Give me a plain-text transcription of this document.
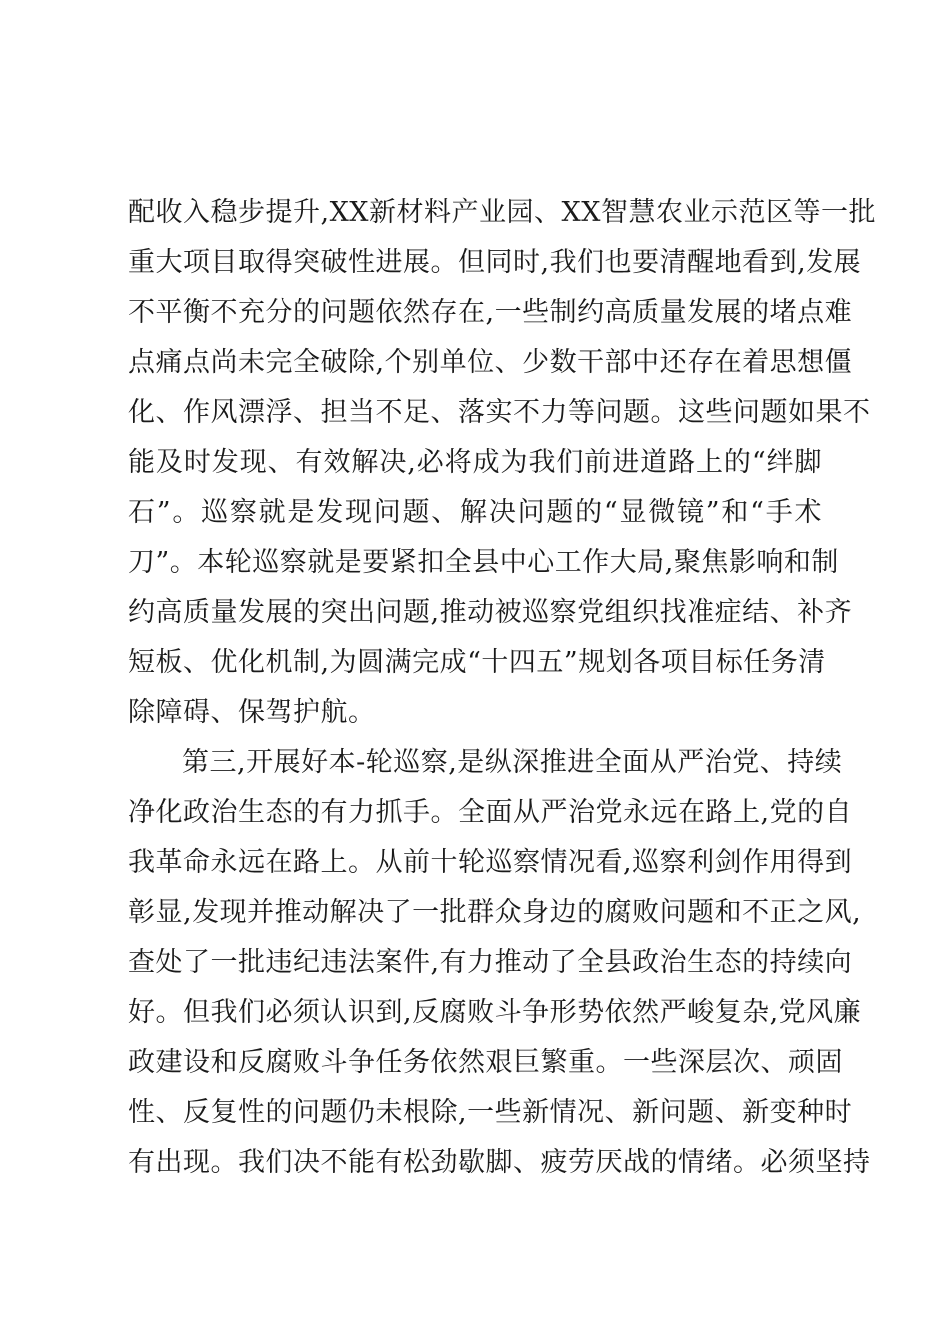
配收入稳步提升,XX新材料产业园、XX智慧农业示范区等一批
重大项目取得突破性进展。但同时,我们也要清醒地看到,发展
不平衡不充分的问题依然存在,一些制约高质量发展的堵点难
点痛点尚未完全破除,个别单位、少数干部中还存在着思想僵
化、作风漂浮、担当不足、落实不力等问题。这些问题如果不
能及时发现、有效解决,必将成为我们前进道路上的“绊脚
石”。巡察就是发现问题、解决问题的“显微镜”和“手术
刀”。本轮巡察就是要紧扣全县中心工作大局,聚焦影响和制
约高质量发展的突出问题,推动被巡察党组织找准症结、补齐
短板、优化机制,为圆满完成“十四五”规划各项目标任务清
除障碍、保驾护航。
第三,开展好本-轮巡察,是纵深推进全面从严治党、持续
净化政治生态的有力抓手。全面从严治党永远在路上,党的自
我革命永远在路上。从前十轮巡察情况看,巡察利剑作用得到
彰显,发现并推动解决了一批群众身边的腐败问题和不正之风,
查处了一批违纪违法案件,有力推动了全县政治生态的持续向
好。但我们必须认识到,反腐败斗争形势依然严峻复杂,党风廉
政建设和反腐败斗争任务依然艰巨繁重。一些深层次、顽固
性、反复性的问题仍未根除,一些新情况、新问题、新变种时
有出现。我们决不能有松劲歇脚、疲劳厌战的情绪。必须坚持
